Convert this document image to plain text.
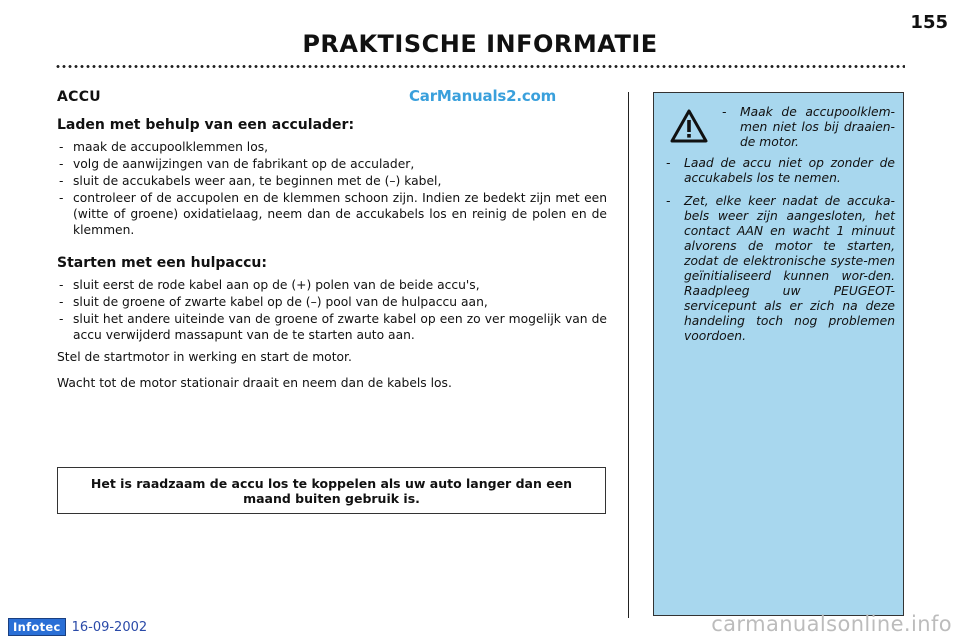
155
PRAKTISCHE INFORMATIE
CarManuals2.com
ACCU
Laden met behulp van een acculader:
- maak de accupoolklemmen los,
- volg de aanwijzingen van de fabrikant op de acculader,
- sluit de accukabels weer aan, te beginnen met de (–) kabel,
- controleer of de accupolen en de klemmen schoon zijn. Indien ze bedekt zijn met een (witte of groene) oxidatielaag, neem dan de accukabels los en reinig de polen en de klemmen.
Starten met een hulpaccu:
- sluit eerst de rode kabel aan op de (+) polen van de beide accu's,
- sluit de groene of zwarte kabel op de (–) pool van de hulpaccu aan,
- sluit het andere uiteinde van de groene of zwarte kabel op een zo ver mogelijk van de accu verwijderd massapunt van de te starten auto aan.

Stel de startmotor in werking en start de motor.

Wacht tot de motor stationair draait en neem dan de kabels los.

Het is raadzaam de accu los te koppelen als uw auto langer dan een maand buiten gebruik is.
- Maak de accupoolklem-men niet los bij draaien-de motor.
- Laad de accu niet op zonder de accukabels los te nemen.
- Zet, elke keer nadat de accuka-bels weer zijn aangesloten, het contact AAN en wacht 1 minuut alvorens de motor te starten, zodat de elektronische syste-men geïnitialiseerd kunnen wor-den. Raadpleeg uw PEUGEOT-servicepunt als er zich na deze handeling toch nog problemen voordoen.
Infotec 16-09-2002	carmanualsonline.info
